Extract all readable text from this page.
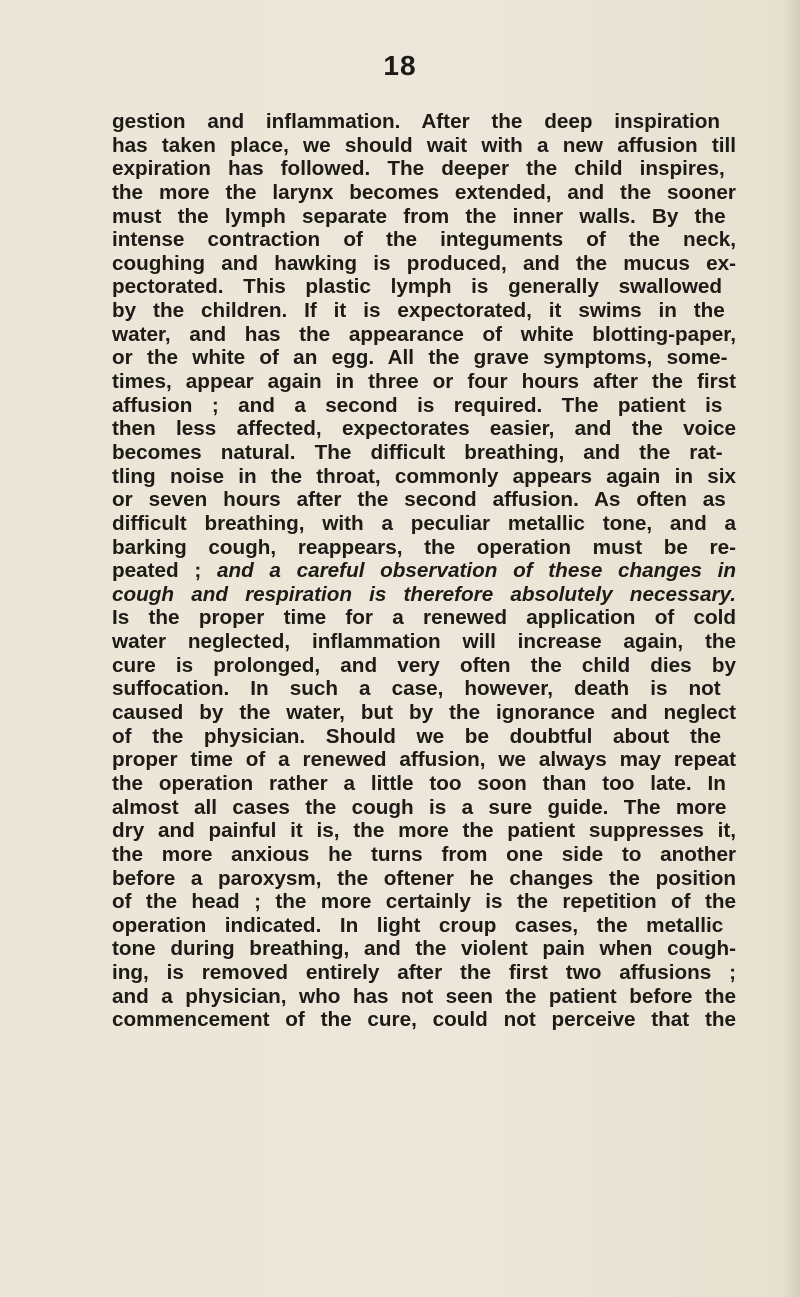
18
gestion and inflammation. After the deep inspiration
has taken place, we should wait with a new affusion till
expiration has followed. The deeper the child inspires,
the more the larynx becomes extended, and the sooner
must the lymph separate from the inner walls. By the
intense contraction of the integuments of the neck,
coughing and hawking is produced, and the mucus ex-
pectorated. This plastic lymph is generally swallowed
by the children. If it is expectorated, it swims in the
water, and has the appearance of white blotting-paper,
or the white of an egg. All the grave symptoms, some-
times, appear again in three or four hours after the first
affusion ; and a second is required. The patient is
then less affected, expectorates easier, and the voice
becomes natural. The difficult breathing, and the rat-
tling noise in the throat, commonly appears again in six
or seven hours after the second affusion. As often as
difficult breathing, with a peculiar metallic tone, and a
barking cough, reappears, the operation must be re-
peated ; and a careful observation of these changes in
cough and respiration is therefore absolutely necessary.
Is the proper time for a renewed application of cold
water neglected, inflammation will increase again, the
cure is prolonged, and very often the child dies by
suffocation. In such a case, however, death is not
caused by the water, but by the ignorance and neglect
of the physician. Should we be doubtful about the
proper time of a renewed affusion, we always may repeat
the operation rather a little too soon than too late. In
almost all cases the cough is a sure guide. The more
dry and painful it is, the more the patient suppresses it,
the more anxious he turns from one side to another
before a paroxysm, the oftener he changes the position
of the head ; the more certainly is the repetition of the
operation indicated. In light croup cases, the metallic
tone during breathing, and the violent pain when cough-
ing, is removed entirely after the first two affusions ;
and a physician, who has not seen the patient before the
commencement of the cure, could not perceive that the
